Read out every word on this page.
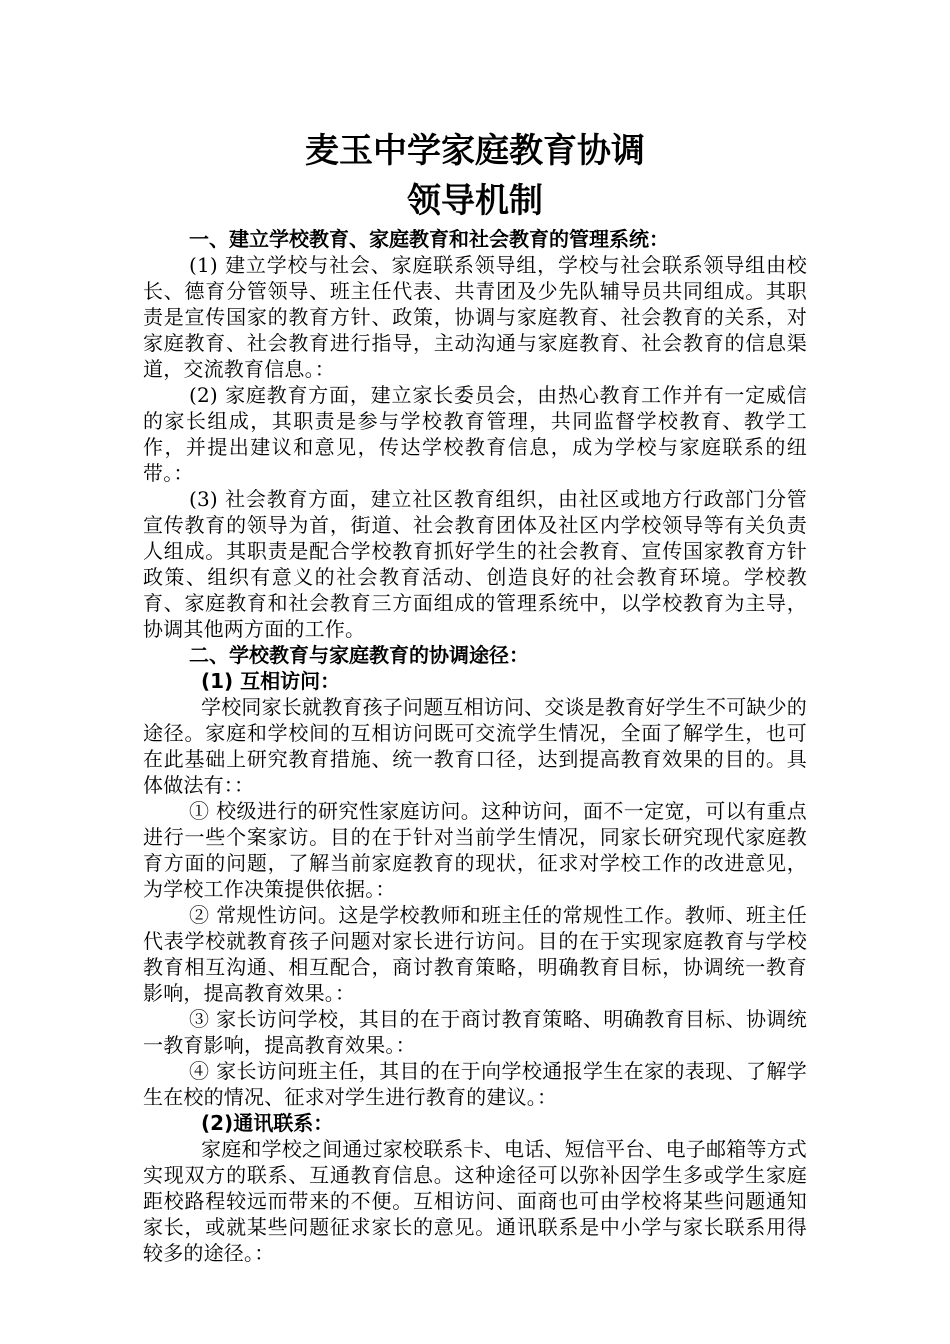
麦玉中学家庭教育协调
领导机制
一、建立学校教育、家庭教育和社会教育的管理系统：

(1) 建立学校与社会、家庭联系领导组，学校与社会联系领导组由校长、德育分管领导、班主任代表、共青团及少先队辅导员共同组成。其职责是宣传国家的教育方针、政策，协调与家庭教育、社会教育的关系，对家庭教育、社会教育进行指导，主动沟通与家庭教育、社会教育的信息渠道，交流教育信息。：

(2) 家庭教育方面，建立家长委员会，由热心教育工作并有一定威信的家长组成，其职责是参与学校教育管理，共同监督学校教育、教学工作，并提出建议和意见，传达学校教育信息，成为学校与家庭联系的纽带。：

(3) 社会教育方面，建立社区教育组织，由社区或地方行政部门分管宣传教育的领导为首，街道、社会教育团体及社区内学校领导等有关负责人组成。其职责是配合学校教育抓好学生的社会教育、宣传国家教育方针政策、组织有意义的社会教育活动、创造良好的社会教育环境。学校教育、家庭教育和社会教育三方面组成的管理系统中，以学校教育为主导，协调其他两方面的工作。

二、学校教育与家庭教育的协调途径：
(1) 互相访问：

学校同家长就教育孩子问题互相访问、交谈是教育好学生不可缺少的途径。家庭和学校间的互相访问既可交流学生情况，全面了解学生，也可在此基础上研究教育措施、统一教育口径，达到提高教育效果的目的。具体做法有：：

① 校级进行的研究性家庭访问。这种访问，面不一定宽，可以有重点进行一些个案家访。目的在于针对当前学生情况，同家长研究现代家庭教育方面的问题，了解当前家庭教育的现状，征求对学校工作的改进意见，为学校工作决策提供依据。：

② 常规性访问。这是学校教师和班主任的常规性工作。教师、班主任代表学校就教育孩子问题对家长进行访问。目的在于实现家庭教育与学校教育相互沟通、相互配合，商讨教育策略，明确教育目标，协调统一教育影响，提高教育效果。：

③ 家长访问学校，其目的在于商讨教育策略、明确教育目标、协调统一教育影响，提高教育效果。：

④ 家长访问班主任，其目的在于向学校通报学生在家的表现、了解学生在校的情况、征求对学生进行教育的建议。：

(2)通讯联系：

家庭和学校之间通过家校联系卡、电话、短信平台、电子邮箱等方式实现双方的联系、互通教育信息。这种途径可以弥补因学生多或学生家庭距校路程较远而带来的不便。互相访问、面商也可由学校将某些问题通知家长，或就某些问题征求家长的意见。通讯联系是中小学与家长联系用得较多的途径。：
